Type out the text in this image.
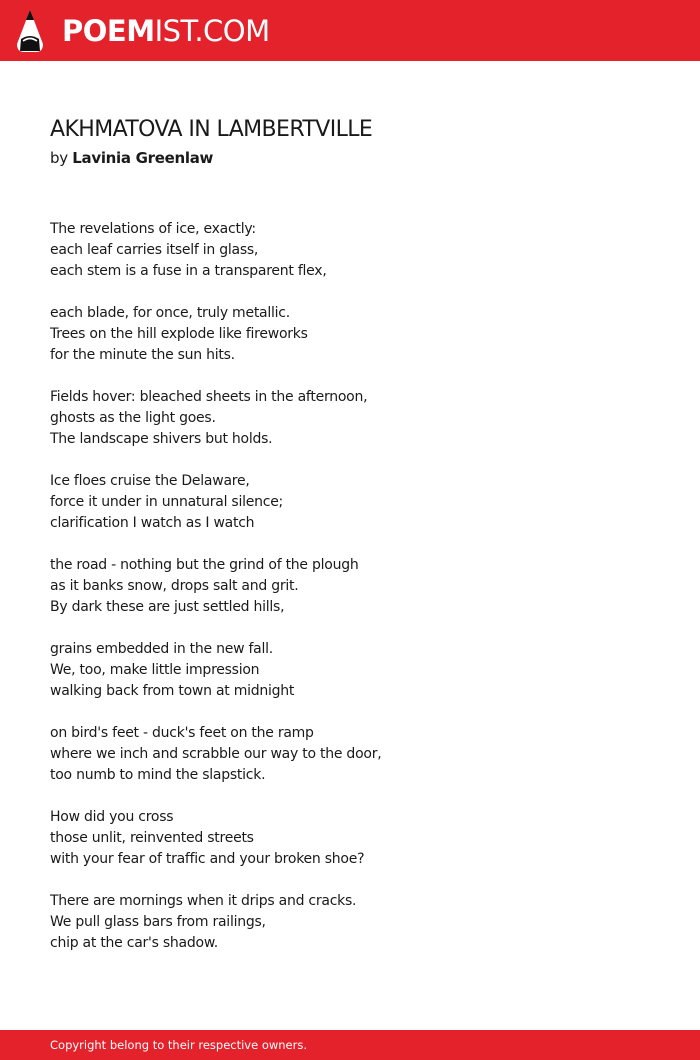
POEMIST.COM
AKHMATOVA IN LAMBERTVILLE
by Lavinia Greenlaw
The revelations of ice, exactly:
each leaf carries itself in glass,
each stem is a fuse in a transparent flex,
each blade, for once, truly metallic.
Trees on the hill explode like fireworks
for the minute the sun hits.
Fields hover: bleached sheets in the afternoon,
ghosts as the light goes.
The landscape shivers but holds.
Ice floes cruise the Delaware,
force it under in unnatural silence;
clarification I watch as I watch
the road - nothing but the grind of the plough
as it banks snow, drops salt and grit.
By dark these are just settled hills,
grains embedded in the new fall.
We, too, make little impression
walking back from town at midnight
on bird's feet - duck's feet on the ramp
where we inch and scrabble our way to the door,
too numb to mind the slapstick.
How did you cross
those unlit, reinvented streets
with your fear of traffic and your broken shoe?
There are mornings when it drips and cracks.
We pull glass bars from railings,
chip at the car's shadow.
Copyright belong to their respective owners.
